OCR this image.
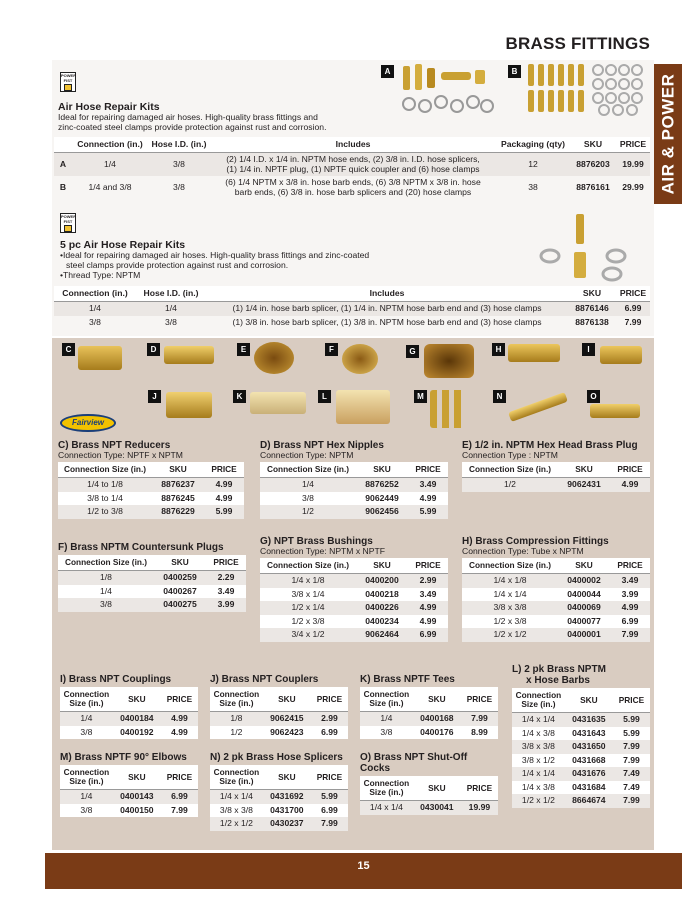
BRASS FITTINGS
AIR & POWER
POWER FIST
Air Hose Repair Kits
Ideal for repairing damaged air hoses. High-quality brass fittings and
zinc-coated steel clamps provide protection against rust and corrosion.
A	B
	Connection (in.)	Hose I.D. (in.)	Includes	Packaging (qty)	SKU	PRICE
A	1/4	3/8	(2) 1/4 I.D. x 1/4 in. NPTM hose ends, (2) 3/8 in. I.D. hose splicers,
(1) 1/4 in. NPTF plug, (1) NPTF quick coupler and (6) hose clamps	12	8876203	19.99
B	1/4 and 3/8	3/8	(6) 1/4 NPTM x 3/8 in. hose barb ends, (6) 3/8 NPTM x 3/8 in. hose
barb ends, (6) 3/8 in. hose barb splicers and (20) hose clamps	38	8876161	29.99
POWER FIST
5 pc Air Hose Repair Kits
•Ideal for repairing damaged air hoses. High-quality brass fittings and zinc-coated
steel clamps provide protection against rust and corrosion.
•Thread Type: NPTM
Connection (in.)	Hose I.D. (in.)	Includes	SKU	PRICE
1/4	1/4	(1) 1/4 in. hose barb splicer, (1) 1/4 in. NPTM hose barb end and (3) hose clamps	8876146	6.99
3/8	3/8	(1) 3/8 in. hose barb splicer, (1) 3/8 in. NPTM hose barb end and (3) hose clamps	8876138	7.99
C	D	E	F	G	H	I
Fairview
J	K	L	M	N	O
C) Brass NPT Reducers
Connection Type: NPTF x NPTM
Connection Size (in.)	SKU	PRICE
1/4 to 1/8	8876237	4.99
3/8 to 1/4	8876245	4.99
1/2 to 3/8	8876229	5.99
D) Brass NPT Hex Nipples
Connection Type: NPTM
Connection Size (in.)	SKU	PRICE
1/4	8876252	3.49
3/8	9062449	4.99
1/2	9062456	5.99
E) 1/2 in. NPTM Hex Head Brass Plug
Connection Type : NPTM
Connection Size (in.)	SKU	PRICE
1/2	9062431	4.99
F) Brass NPTM Countersunk Plugs
Connection Size (in.)	SKU	PRICE
1/8	0400259	2.29
1/4	0400267	3.49
3/8	0400275	3.99
G) NPT Brass Bushings
Connection Type: NPTM x NPTF
Connection Size (in.)	SKU	PRICE
1/4 x 1/8	0400200	2.99
3/8 x 1/4	0400218	3.49
1/2 x 1/4	0400226	4.99
1/2 x 3/8	0400234	4.99
3/4 x 1/2	9062464	6.99
H) Brass Compression Fittings
Connection Type: Tube x NPTM
Connection Size (in.)	SKU	PRICE
1/4 x 1/8	0400002	3.49
1/4 x 1/4	0400044	3.99
3/8 x 3/8	0400069	4.99
1/2 x 3/8	0400077	6.99
1/2 x 1/2	0400001	7.99
I) Brass NPT Couplings
Connection Size (in.)	SKU	PRICE
1/4	0400184	4.99
3/8	0400192	4.99
J) Brass NPT Couplers
Connection Size (in.)	SKU	PRICE
1/8	9062415	2.99
1/2	9062423	6.99
K) Brass NPTF Tees
Connection Size (in.)	SKU	PRICE
1/4	0400168	7.99
3/8	0400176	8.99
L) 2 pk Brass NPTM
x Hose Barbs
Connection Size (in.)	SKU	PRICE
1/4 x 1/4	0431635	5.99
1/4 x 3/8	0431643	5.99
3/8 x 3/8	0431650	7.99
3/8 x 1/2	0431668	7.99
1/4 x 1/4	0431676	7.49
1/4 x 3/8	0431684	7.49
1/2 x 1/2	8664674	7.99
M) Brass NPTF 90° Elbows
Connection Size (in.)	SKU	PRICE
1/4	0400143	6.99
3/8	0400150	7.99
N) 2 pk Brass Hose Splicers
Connection Size (in.)	SKU	PRICE
1/4 x 1/4	0431692	5.99
3/8 x 3/8	0431700	6.99
1/2 x 1/2	0430237	7.99
O) Brass NPT Shut-Off Cocks
Connection Size (in.)	SKU	PRICE
1/4 x 1/4	0430041	19.99
15
